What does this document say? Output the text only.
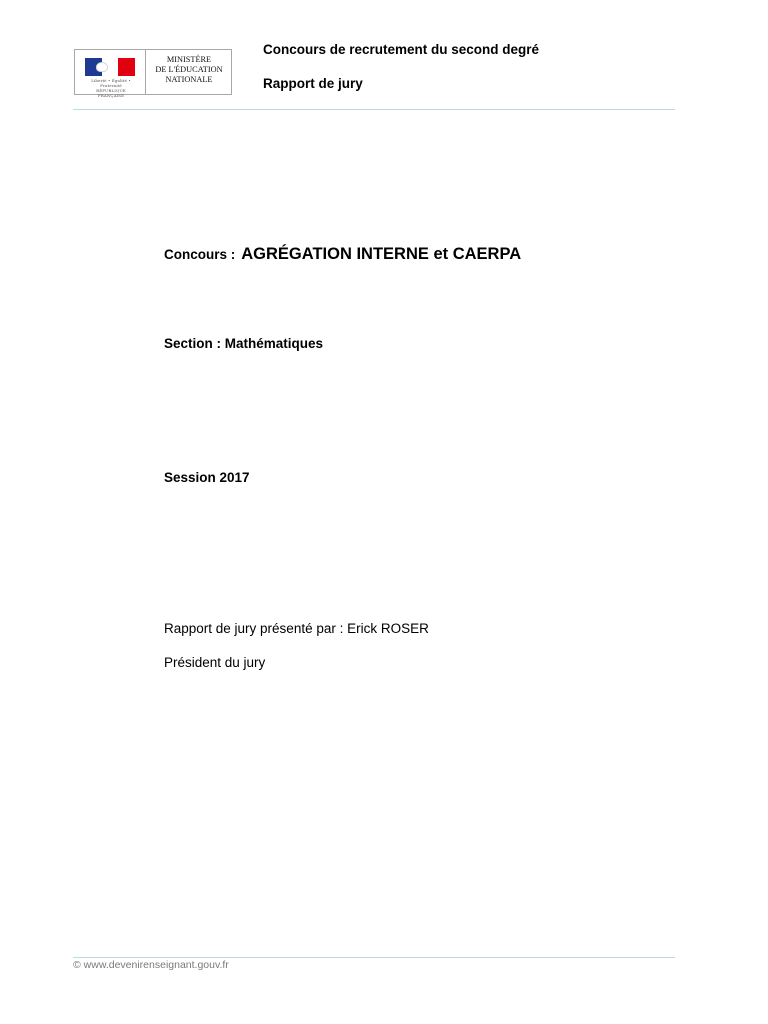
Liberté • Égalité • Fraternité
RÉPUBLIQUE FRANÇAISE
MINISTÈRE
DE L'ÉDUCATION
NATIONALE
Concours de recrutement du second degré
Rapport de jury
Concours : AGRÉGATION INTERNE et CAERPA
Section : Mathématiques
Session 2017
Rapport de jury présenté par : Erick ROSER
Président du jury
© www.devenirenseignant.gouv.fr
